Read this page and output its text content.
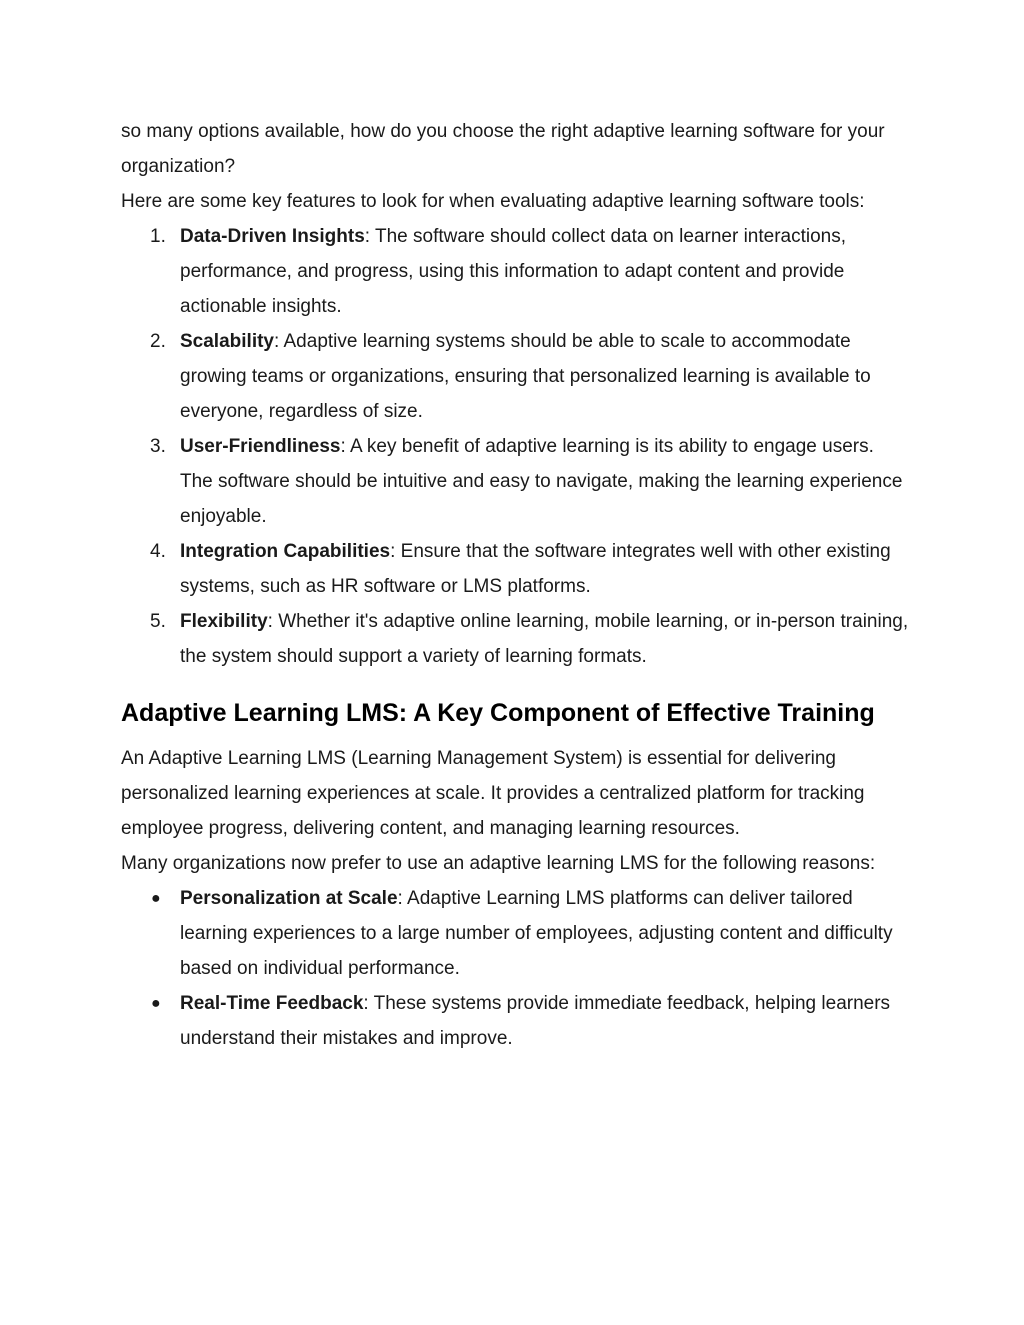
so many options available, how do you choose the right adaptive learning software for your organization?

Here are some key features to look for when evaluating adaptive learning software tools:

1. Data-Driven Insights: The software should collect data on learner interactions, performance, and progress, using this information to adapt content and provide actionable insights.
2. Scalability: Adaptive learning systems should be able to scale to accommodate growing teams or organizations, ensuring that personalized learning is available to everyone, regardless of size.
3. User-Friendliness: A key benefit of adaptive learning is its ability to engage users. The software should be intuitive and easy to navigate, making the learning experience enjoyable.
4. Integration Capabilities: Ensure that the software integrates well with other existing systems, such as HR software or LMS platforms.
5. Flexibility: Whether it's adaptive online learning, mobile learning, or in-person training, the system should support a variety of learning formats.
Adaptive Learning LMS: A Key Component of Effective Training

An Adaptive Learning LMS (Learning Management System) is essential for delivering personalized learning experiences at scale. It provides a centralized platform for tracking employee progress, delivering content, and managing learning resources.

Many organizations now prefer to use an adaptive learning LMS for the following reasons:

● Personalization at Scale: Adaptive Learning LMS platforms can deliver tailored learning experiences to a large number of employees, adjusting content and difficulty based on individual performance.
● Real-Time Feedback: These systems provide immediate feedback, helping learners understand their mistakes and improve.
